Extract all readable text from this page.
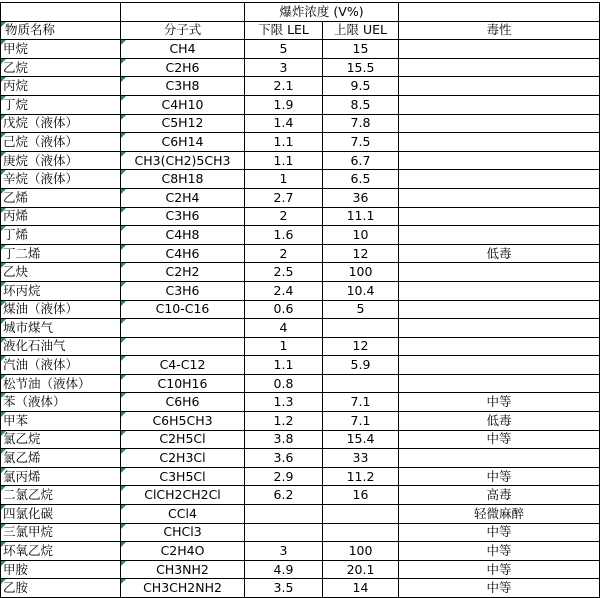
		爆炸浓度 (V%)		
物质名称	分子式	下限 LEL	上限 UEL	毒性
甲烷	CH4	5	15	
乙烷	C2H6	3	15.5	
丙烷	C3H8	2.1	9.5	
丁烷	C4H10	1.9	8.5	
戊烷（液体）	C5H12	1.4	7.8	
己烷（液体）	C6H14	1.1	7.5	
庚烷（液体）	CH3(CH2)5CH3	1.1	6.7	
辛烷（液体）	C8H18	1	6.5	
乙烯	C2H4	2.7	36	
丙烯	C3H6	2	11.1	
丁烯	C4H8	1.6	10	
丁二烯	C4H6	2	12	低毒
乙炔	C2H2	2.5	100	
环丙烷	C3H6	2.4	10.4	
煤油（液体）	C10-C16	0.6	5	
城市煤气		4		
液化石油气		1	12	
汽油（液体）	C4-C12	1.1	5.9	
松节油（液体）	C10H16	0.8		
苯（液体）	C6H6	1.3	7.1	中等
甲苯	C6H5CH3	1.2	7.1	低毒
氯乙烷	C2H5Cl	3.8	15.4	中等
氯乙烯	C2H3Cl	3.6	33	
氯丙烯	C3H5Cl	2.9	11.2	中等
二氯乙烷	ClCH2CH2Cl	6.2	16	高毒
四氯化碳	CCl4			轻微麻醉
三氯甲烷	CHCl3			中等
环氧乙烷	C2H4O	3	100	中等
甲胺	CH3NH2	4.9	20.1	中等
乙胺	CH3CH2NH2	3.5	14	中等
